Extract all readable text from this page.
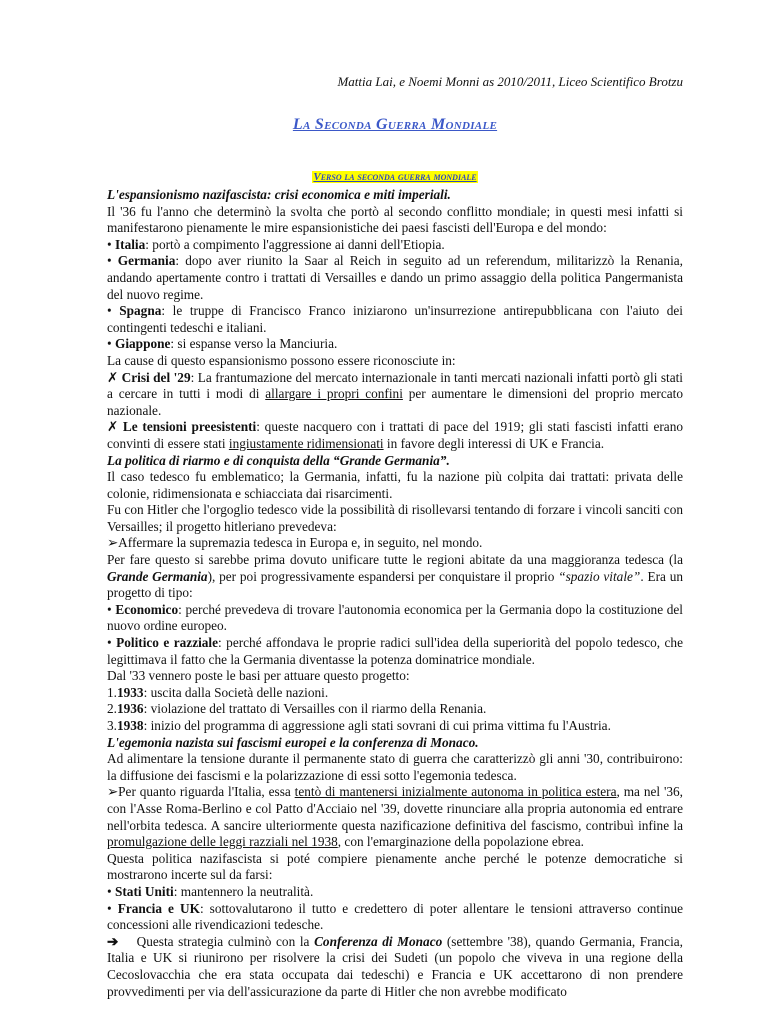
Mattia Lai, e Noemi Monni as 2010/2011, Liceo Scientifico Brotzu
La Seconda Guerra Mondiale
Verso la seconda guerra mondiale

L'espansionismo nazifascista: crisi economica e miti imperiali.

Il '36 fu l'anno che determinò la svolta che portò al secondo conflitto mondiale; in questi mesi infatti si manifestarono pienamente le mire espansionistiche dei paesi fascisti dell'Europa e del mondo:

• Italia: portò a compimento l'aggressione ai danni dell'Etiopia.

• Germania: dopo aver riunito la Saar al Reich in seguito ad un referendum, militarizzò la Renania, andando apertamente contro i trattati di Versailles e dando un primo assaggio della politica Pangermanista del nuovo regime.

• Spagna: le truppe di Francisco Franco iniziarono un'insurrezione antirepubblicana con l'aiuto dei contingenti tedeschi e italiani.

• Giappone: si espanse verso la Manciuria.

La cause di questo espansionismo possono essere riconosciute in:

✗ Crisi del '29: La frantumazione del mercato internazionale in tanti mercati nazionali infatti portò gli stati a cercare in tutti i modi di allargare i propri confini per aumentare le dimensioni del proprio mercato nazionale.

✗ Le tensioni preesistenti: queste nacquero con i trattati di pace del 1919; gli stati fascisti infatti erano convinti di essere stati ingiustamente ridimensionati in favore degli interessi di UK e Francia.

La politica di riarmo e di conquista della “Grande Germania”.

Il caso tedesco fu emblematico; la Germania, infatti, fu la nazione più colpita dai trattati: privata delle colonie, ridimensionata e schiacciata dai risarcimenti.

Fu con Hitler che l'orgoglio tedesco vide la possibilità di risollevarsi tentando di forzare i vincoli sanciti con Versailles; il progetto hitleriano prevedeva:

➢Affermare la supremazia tedesca in Europa e, in seguito, nel mondo.

Per fare questo si sarebbe prima dovuto unificare tutte le regioni abitate da una maggioranza tedesca (la Grande Germania), per poi progressivamente espandersi per conquistare il proprio “spazio vitale”. Era un progetto di tipo:

• Economico: perché prevedeva di trovare l'autonomia economica per la Germania dopo la costituzione del nuovo ordine europeo.

• Politico e razziale: perché affondava le proprie radici sull'idea della superiorità del popolo tedesco, che legittimava il fatto che la Germania diventasse la potenza dominatrice mondiale.

Dal '33 vennero poste le basi per attuare questo progetto:

1.1933: uscita dalla Società delle nazioni.

2.1936: violazione del trattato di Versailles con il riarmo della Renania.

3.1938: inizio del programma di aggressione agli stati sovrani di cui prima vittima fu l'Austria.

L'egemonia nazista sui fascismi europei e la conferenza di Monaco.

Ad alimentare la tensione durante il permanente stato di guerra che caratterizzò gli anni '30, contribuirono: la diffusione dei fascismi e la polarizzazione di essi sotto l'egemonia tedesca.

➢Per quanto riguarda l'Italia, essa tentò di mantenersi inizialmente autonoma in politica estera, ma nel '36, con l'Asse Roma-Berlino e col Patto d'Acciaio nel '39, dovette rinunciare alla propria autonomia ed entrare nell'orbita tedesca. A sancire ulteriormente questa nazificazione definitiva del fascismo, contribuì infine la promulgazione delle leggi razziali nel 1938, con l'emarginazione della popolazione ebrea.

Questa politica nazifascista si poté compiere pienamente anche perché le potenze democratiche si mostrarono incerte sul da farsi:

• Stati Uniti: mantennero la neutralità.

• Francia e UK: sottovalutarono il tutto e credettero di poter allentare le tensioni attraverso continue concessioni alle rivendicazioni tedesche.

➔    Questa strategia culminò con la Conferenza di Monaco (settembre '38), quando Germania, Francia, Italia e UK si riunirono per risolvere la crisi dei Sudeti (un popolo che viveva in una regione della Cecoslovacchia che era stata occupata dai tedeschi) e Francia e UK accettarono di non prendere provvedimenti per via dell'assicurazione da parte di Hitler che non avrebbe modificato
